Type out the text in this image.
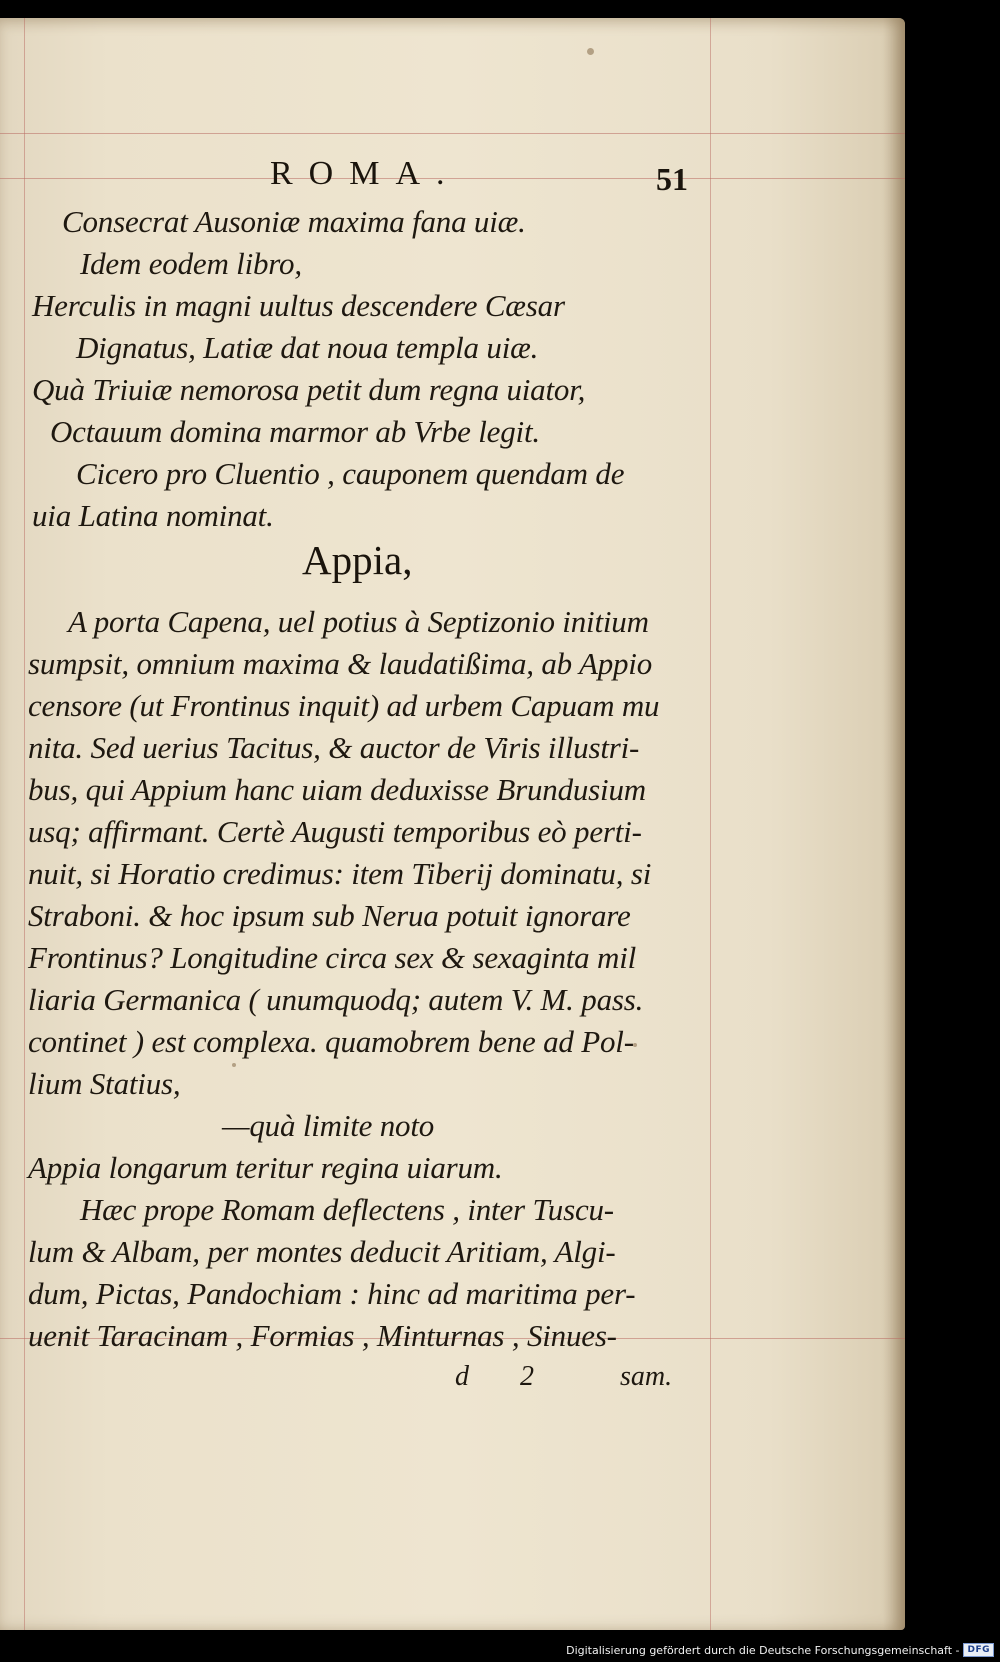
ROMA.	51
Consecrat Ausoniæ maxima fana uiæ.
Idem eodem libro,
Herculis in magni uultus descendere Cæsar
Dignatus, Latiæ dat noua templa uiæ.
Quà Triuiæ nemorosa petit dum regna uiator,
Octauum domina marmor ab Vrbe legit.
Cicero pro Cluentio , cauponem quendam de
uia Latina nominat.
Appia,
A porta Capena, uel potius à Septizonio initium
sumpsit, omnium maxima & laudatißima, ab Appio
censore (ut Frontinus inquit) ad urbem Capuam mu
nita. Sed uerius Tacitus, & auctor de Viris illustri-
bus, qui Appium hanc uiam deduxisse Brundusium
usq; affirmant. Certè Augusti temporibus eò perti-
nuit, si Horatio credimus: item Tiberij dominatu, si
Straboni. & hoc ipsum sub Nerua potuit ignorare
Frontinus? Longitudine circa sex & sexaginta mil
liaria Germanica ( unumquodq; autem V. M. pass.
continet ) est complexa. quamobrem bene ad Pol-
lium Statius,
—quà limite noto
Appia longarum teritur regina uiarum.
Hæc prope Romam deflectens , inter Tuscu-
lum & Albam, per montes deducit Aritiam, Algi-
dum, Pictas, Pandochiam : hinc ad maritima per-
uenit Taracinam , Formias , Minturnas , Sinues-
d 2	sam.
Digitalisierung gefördert durch die Deutsche Forschungsgemeinschaft - DFG
